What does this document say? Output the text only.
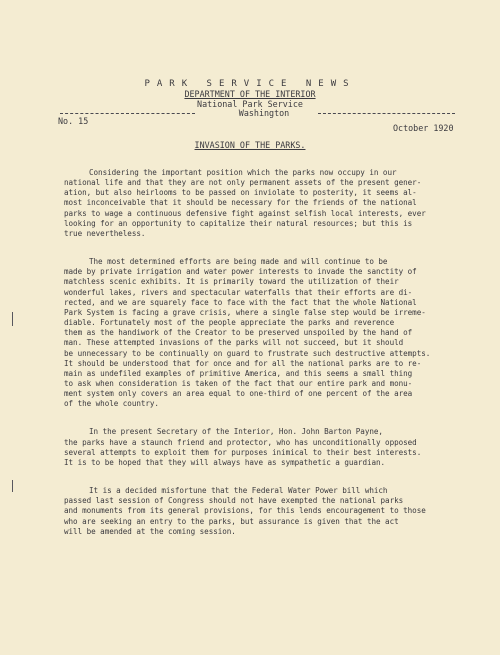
PARK SERVICE NEWS
DEPARTMENT OF THE INTERIOR
National Park Service
Washington
No. 15
October 1920
INVASION OF THE PARKS.
Considering the important position which the parks now occupy in our
national life and that they are not only permanent assets of the present gener-
ation, but also heirlooms to be passed on inviolate to posterity, it seems al-
most inconceivable that it should be necessary for the friends of the national
parks to wage a continuous defensive fight against selfish local interests, ever
looking for an opportunity to capitalize their natural resources; but this is
true nevertheless.
The most determined efforts are being made and will continue to be
made by private irrigation and water power interests to invade the sanctity of
matchless scenic exhibits. It is primarily toward the utilization of their
wonderful lakes, rivers and spectacular waterfalls that their efforts are di-
rected, and we are squarely face to face with the fact that the whole National
Park System is facing a grave crisis, where a single false step would be irreme-
diable. Fortunately most of the people appreciate the parks and reverence
them as the handiwork of the Creator to be preserved unspoiled by the hand of
man. These attempted invasions of the parks will not succeed, but it should
be unnecessary to be continually on guard to frustrate such destructive attempts.
It should be understood that for once and for all the national parks are to re-
main as undefiled examples of primitive America, and this seems a small thing
to ask when consideration is taken of the fact that our entire park and monu-
ment system only covers an area equal to one-third of one percent of the area
of the whole country.
In the present Secretary of the Interior, Hon. John Barton Payne,
the parks have a staunch friend and protector, who has unconditionally opposed
several attempts to exploit them for purposes inimical to their best interests.
It is to be hoped that they will always have as sympathetic a guardian.
It is a decided misfortune that the Federal Water Power bill which
passed last session of Congress should not have exempted the national parks
and monuments from its general provisions, for this lends encouragement to those
who are seeking an entry to the parks, but assurance is given that the act
will be amended at the coming session.
